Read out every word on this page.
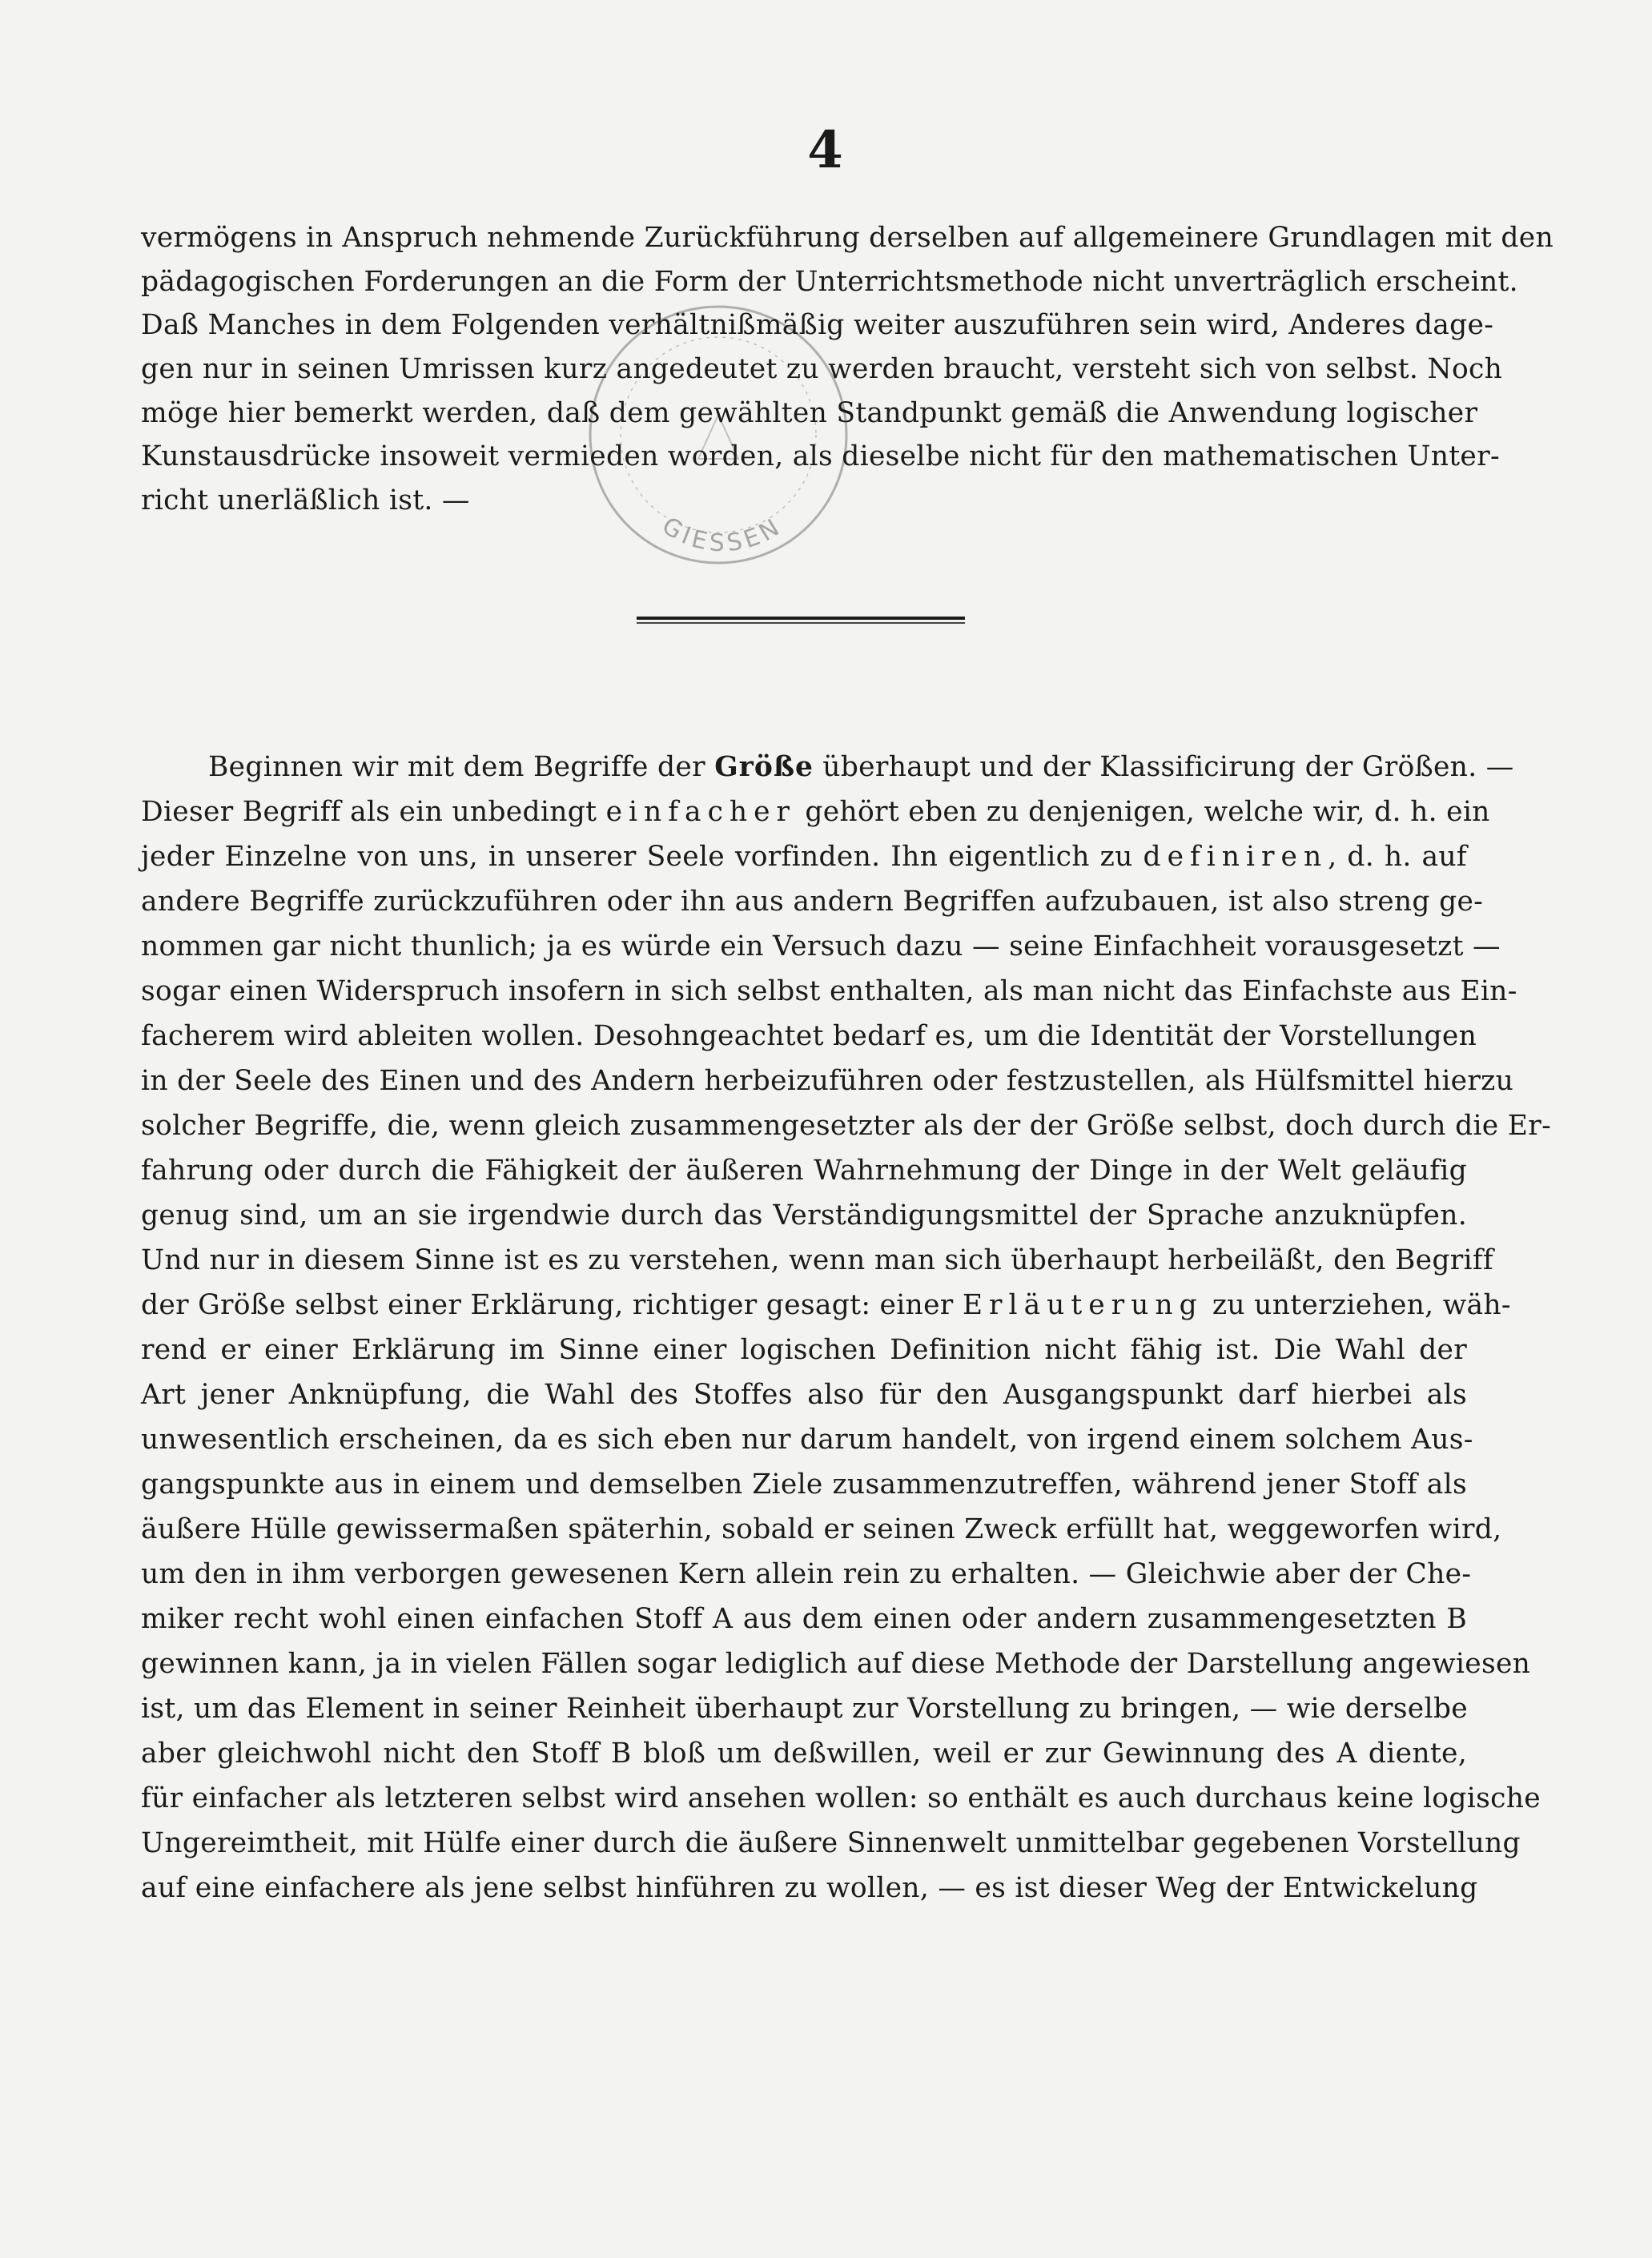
4
GIESSEN
vermögens in Anspruch nehmende Zurückführung derselben auf allgemeinere Grundlagen mit den
pädagogischen Forderungen an die Form der Unterrichtsmethode nicht unverträglich erscheint.
Daß Manches in dem Folgenden verhältnißmäßig weiter auszuführen sein wird, Anderes dage-
gen nur in seinen Umrissen kurz angedeutet zu werden braucht, versteht sich von selbst. Noch
möge hier bemerkt werden, daß dem gewählten Standpunkt gemäß die Anwendung logischer
Kunstausdrücke insoweit vermieden worden, als dieselbe nicht für den mathematischen Unter-
richt unerläßlich ist. —
Beginnen wir mit dem Begriffe der Größe überhaupt und der Klassificirung der Größen. —
Dieser Begriff als ein unbedingt einfacher gehört eben zu denjenigen, welche wir, d. h. ein
jeder Einzelne von uns, in unserer Seele vorfinden. Ihn eigentlich zu definiren, d. h. auf
andere Begriffe zurückzuführen oder ihn aus andern Begriffen aufzubauen, ist also streng ge-
nommen gar nicht thunlich; ja es würde ein Versuch dazu — seine Einfachheit vorausgesetzt —
sogar einen Widerspruch insofern in sich selbst enthalten, als man nicht das Einfachste aus Ein-
facherem wird ableiten wollen. Desohngeachtet bedarf es, um die Identität der Vorstellungen
in der Seele des Einen und des Andern herbeizuführen oder festzustellen, als Hülfsmittel hierzu
solcher Begriffe, die, wenn gleich zusammengesetzter als der der Größe selbst, doch durch die Er-
fahrung oder durch die Fähigkeit der äußeren Wahrnehmung der Dinge in der Welt geläufig
genug sind, um an sie irgendwie durch das Verständigungsmittel der Sprache anzuknüpfen.
Und nur in diesem Sinne ist es zu verstehen, wenn man sich überhaupt herbeiläßt, den Begriff
der Größe selbst einer Erklärung, richtiger gesagt: einer Erläuterung zu unterziehen, wäh-
rend er einer Erklärung im Sinne einer logischen Definition nicht fähig ist. Die Wahl der
Art jener Anknüpfung, die Wahl des Stoffes also für den Ausgangspunkt darf hierbei als
unwesentlich erscheinen, da es sich eben nur darum handelt, von irgend einem solchem Aus-
gangspunkte aus in einem und demselben Ziele zusammenzutreffen, während jener Stoff als
äußere Hülle gewissermaßen späterhin, sobald er seinen Zweck erfüllt hat, weggeworfen wird,
um den in ihm verborgen gewesenen Kern allein rein zu erhalten. — Gleichwie aber der Che-
miker recht wohl einen einfachen Stoff A aus dem einen oder andern zusammengesetzten B
gewinnen kann, ja in vielen Fällen sogar lediglich auf diese Methode der Darstellung angewiesen
ist, um das Element in seiner Reinheit überhaupt zur Vorstellung zu bringen, — wie derselbe
aber gleichwohl nicht den Stoff B bloß um deßwillen, weil er zur Gewinnung des A diente,
für einfacher als letzteren selbst wird ansehen wollen: so enthält es auch durchaus keine logische
Ungereimtheit, mit Hülfe einer durch die äußere Sinnenwelt unmittelbar gegebenen Vorstellung
auf eine einfachere als jene selbst hinführen zu wollen, — es ist dieser Weg der Entwickelung
